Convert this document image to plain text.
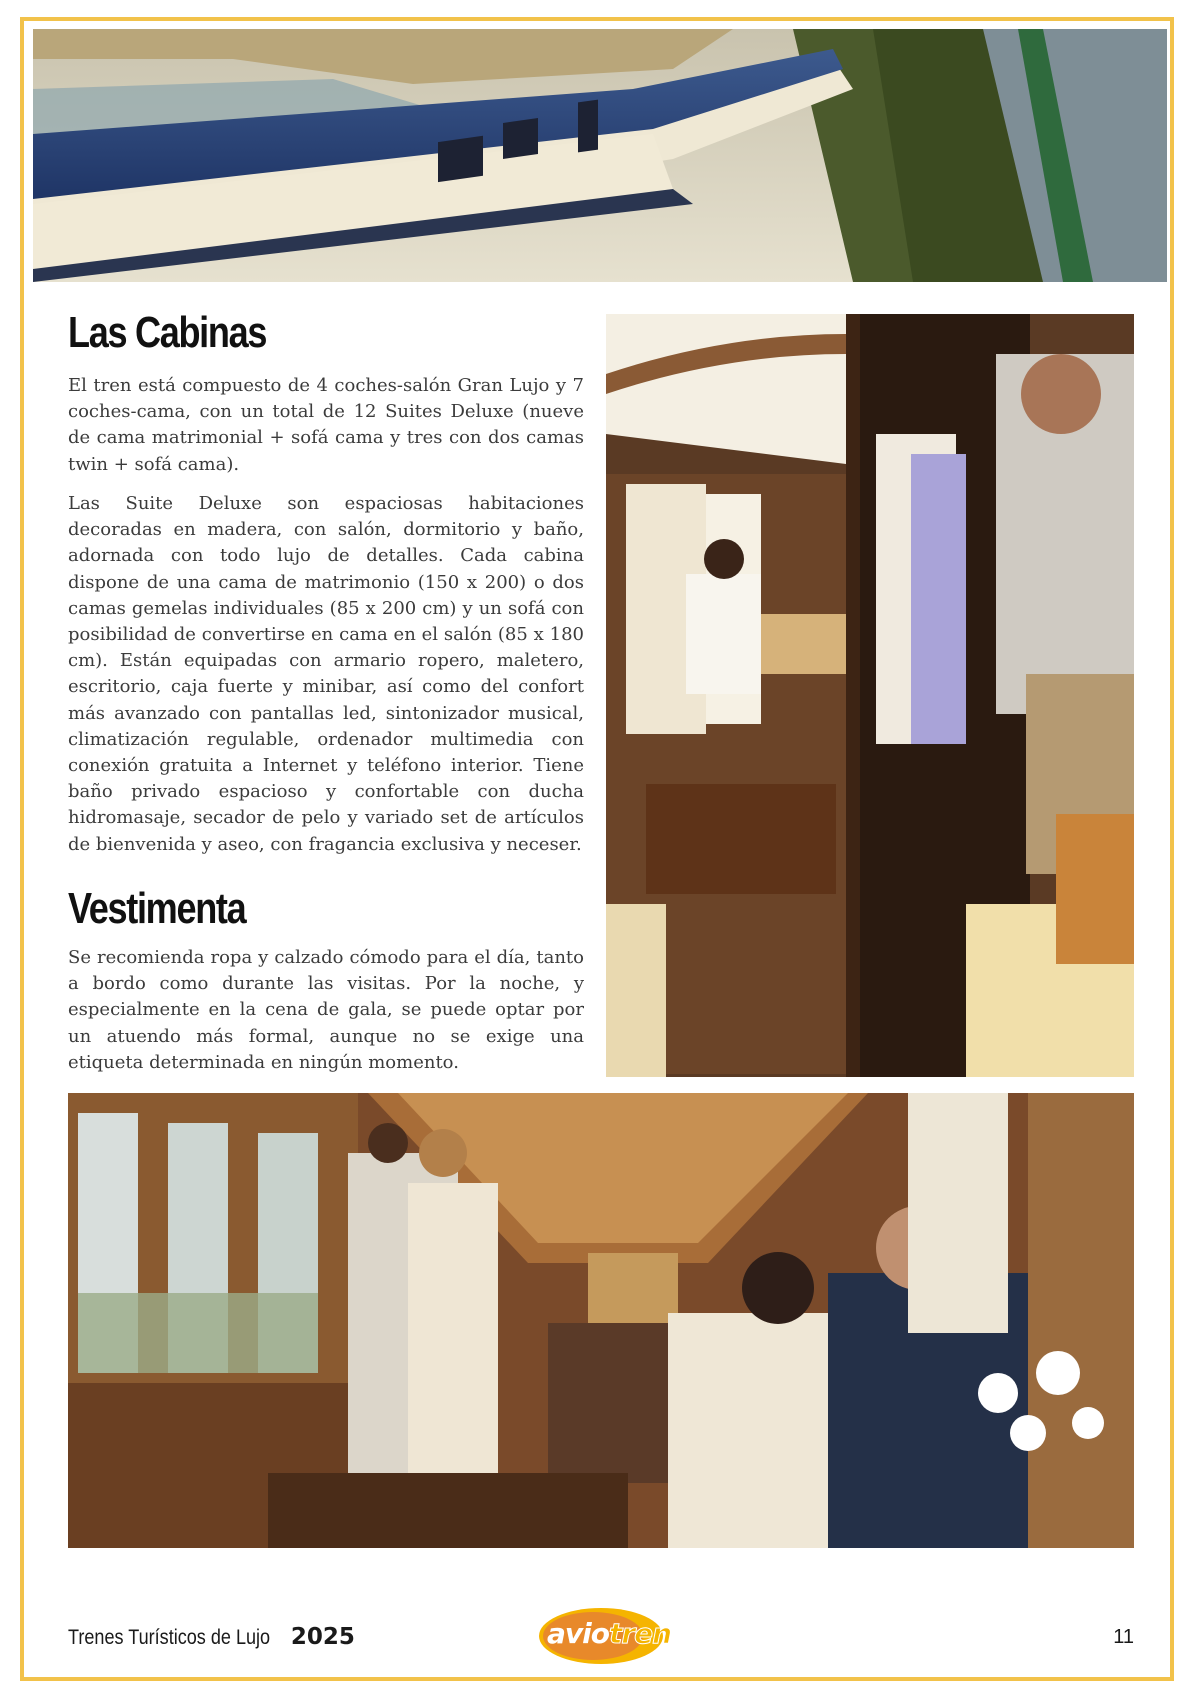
Las Cabinas

El tren está compuesto de 4 coches-salón Gran Lujo y 7 coches-cama, con un total de 12 Suites Deluxe (nueve de cama matrimonial + sofá cama y tres con dos camas twin + sofá cama).

Las Suite Deluxe son espaciosas habitaciones decoradas en madera, con salón, dormitorio y baño, adornada con todo lujo de detalles. Cada cabina dispone de una cama de matrimonio (150 x 200) o dos camas gemelas individuales (85 x 200 cm) y un sofá con posibilidad de convertirse en cama en el salón (85 x 180 cm). Están equipadas con armario ropero, maletero, escritorio, caja fuerte y minibar, así como del confort más avanzado con pantallas led, sintonizador musical, climatización regulable, ordenador multimedia con conexión gratuita a Internet y teléfono interior. Tiene baño privado espacioso y confortable con ducha hidromasaje, secador de pelo y variado set de artículos de bienvenida y aseo, con fragancia exclusiva y neceser.

Vestimenta

Se recomienda ropa y calzado cómodo para el día, tanto a bordo como durante las visitas. Por la noche, y especialmente en la cena de gala, se puede optar por un atuendo más formal, aunque no se exige una etiqueta determinada en ningún momento.

Trenes Turísticos de Lujo 2025	aviotren	11
